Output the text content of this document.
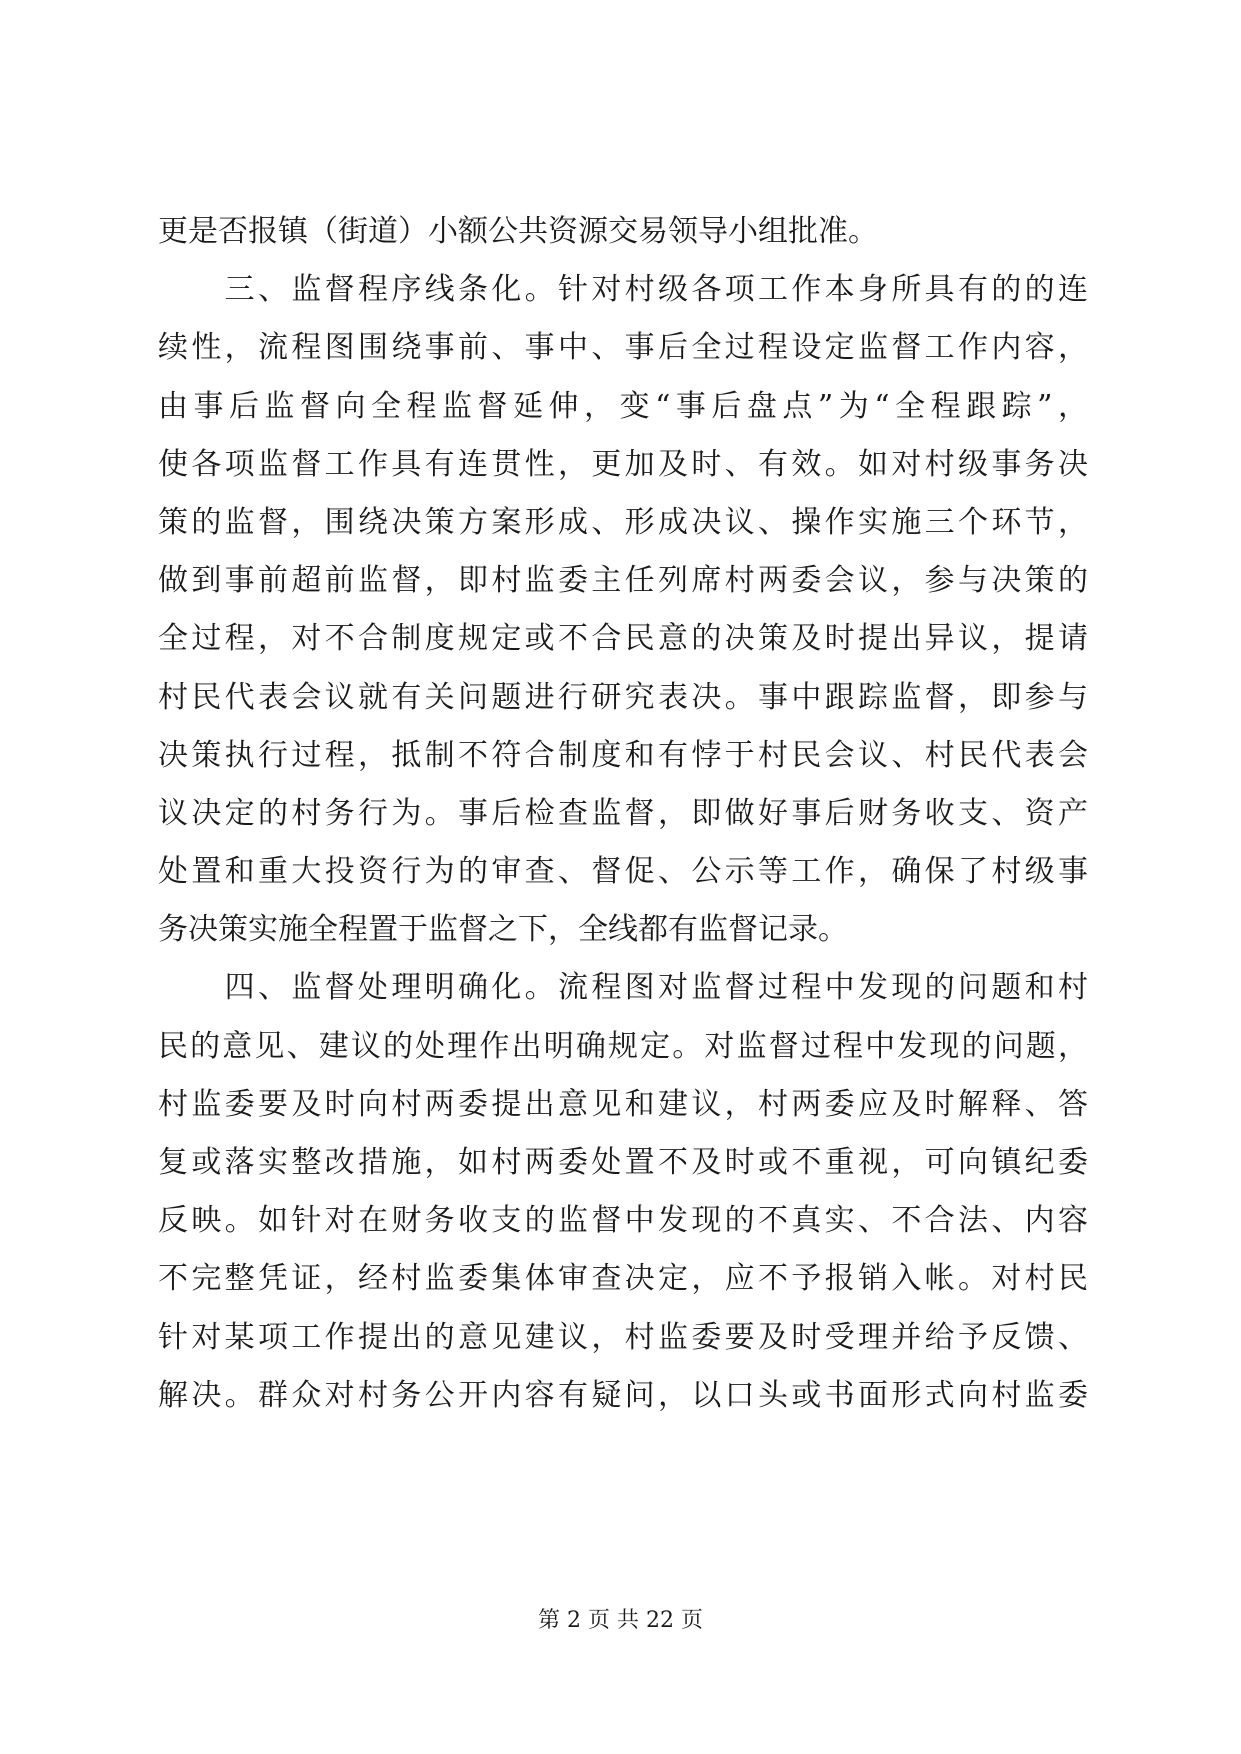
更是否报镇（街道）小额公共资源交易领导小组批准。
　　三、监督程序线条化。针对村级各项工作本身所具有的的连
续性，流程图围绕事前、事中、事后全过程设定监督工作内容，
由事后监督向全程监督延伸，变“事后盘点”为“全程跟踪”，
使各项监督工作具有连贯性，更加及时、有效。如对村级事务决
策的监督，围绕决策方案形成、形成决议、操作实施三个环节，
做到事前超前监督，即村监委主任列席村两委会议，参与决策的
全过程，对不合制度规定或不合民意的决策及时提出异议，提请
村民代表会议就有关问题进行研究表决。事中跟踪监督，即参与
决策执行过程，抵制不符合制度和有悖于村民会议、村民代表会
议决定的村务行为。事后检查监督，即做好事后财务收支、资产
处置和重大投资行为的审查、督促、公示等工作，确保了村级事
务决策实施全程置于监督之下，全线都有监督记录。
　　四、监督处理明确化。流程图对监督过程中发现的问题和村
民的意见、建议的处理作出明确规定。对监督过程中发现的问题，
村监委要及时向村两委提出意见和建议，村两委应及时解释、答
复或落实整改措施，如村两委处置不及时或不重视，可向镇纪委
反映。如针对在财务收支的监督中发现的不真实、不合法、内容
不完整凭证，经村监委集体审查决定，应不予报销入帐。对村民
针对某项工作提出的意见建议，村监委要及时受理并给予反馈、
解决。群众对村务公开内容有疑问，以口头或书面形式向村监委
第 2 页 共 22 页
